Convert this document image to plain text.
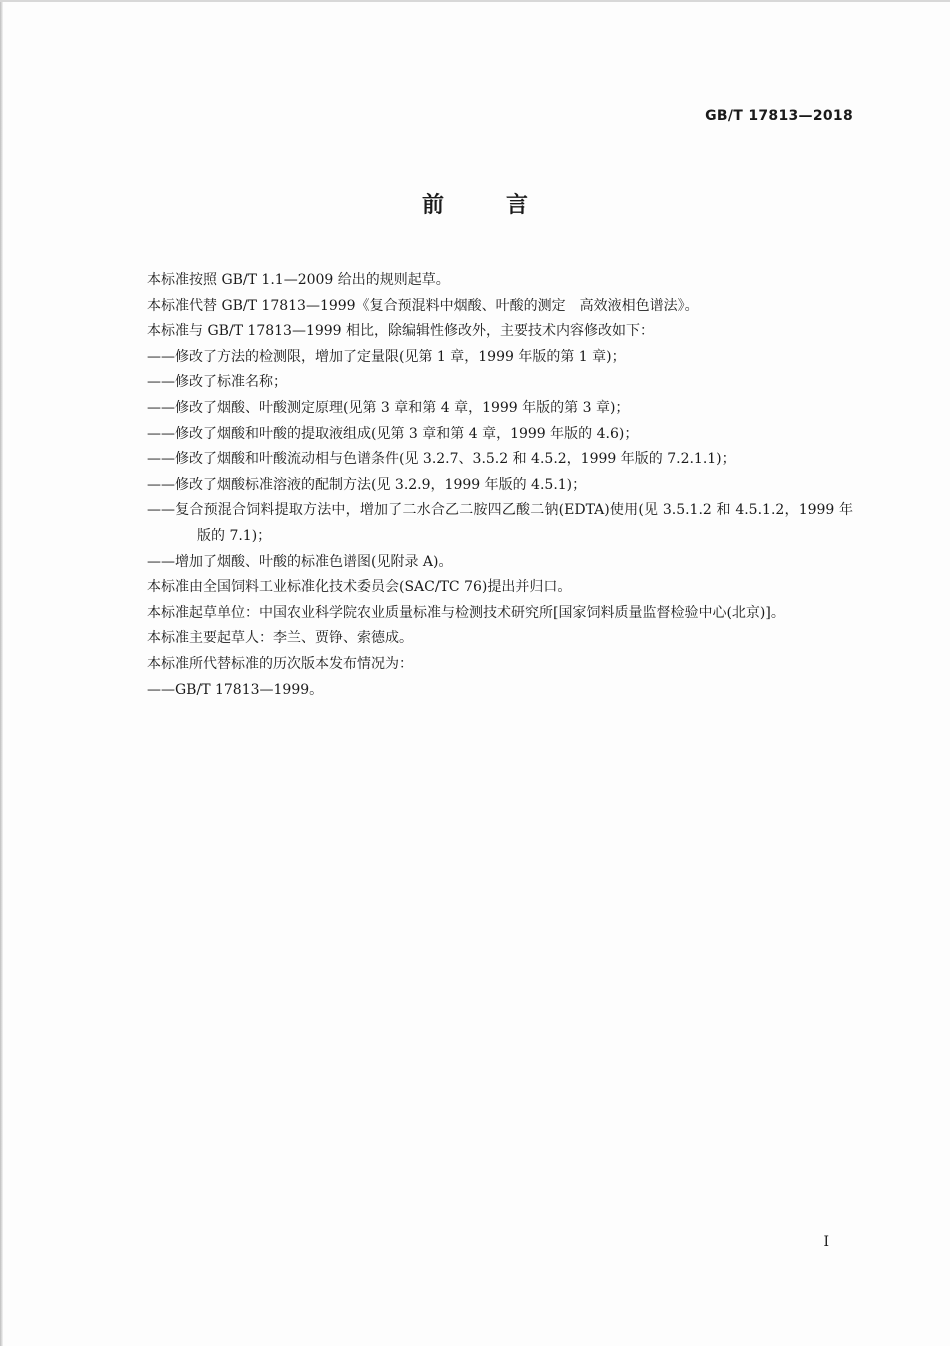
GB/T 17813—2018
前言

本标准按照 GB/T 1.1—2009 给出的规则起草。

本标准代替 GB/T 17813—1999《复合预混料中烟酸、叶酸的测定　高效液相色谱法》。

本标准与 GB/T 17813—1999 相比，除编辑性修改外，主要技术内容修改如下：

——修改了方法的检测限，增加了定量限(见第 1 章，1999 年版的第 1 章)；

——修改了标准名称；

——修改了烟酸、叶酸测定原理(见第 3 章和第 4 章，1999 年版的第 3 章)；

——修改了烟酸和叶酸的提取液组成(见第 3 章和第 4 章，1999 年版的 4.6)；

——修改了烟酸和叶酸流动相与色谱条件(见 3.2.7、3.5.2 和 4.5.2，1999 年版的 7.2.1.1)；

——修改了烟酸标准溶液的配制方法(见 3.2.9，1999 年版的 4.5.1)；

——复合预混合饲料提取方法中，增加了二水合乙二胺四乙酸二钠(EDTA)使用(见 3.5.1.2 和 4.5.1.2，1999 年版的 7.1)；

——增加了烟酸、叶酸的标准色谱图(见附录 A)。

本标准由全国饲料工业标准化技术委员会(SAC/TC 76)提出并归口。

本标准起草单位：中国农业科学院农业质量标准与检测技术研究所[国家饲料质量监督检验中心(北京)]。

本标准主要起草人：李兰、贾铮、索德成。

本标准所代替标准的历次版本发布情况为：

——GB/T 17813—1999。

I
